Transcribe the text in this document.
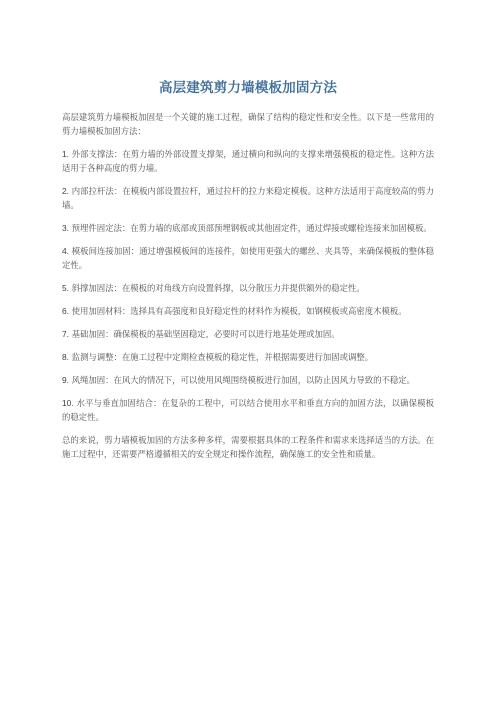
高层建筑剪力墙模板加固方法

高层建筑剪力墙模板加固是一个关键的施工过程，确保了结构的稳定性和安全性。以下是一些常用的剪力墙模板加固方法：

1. 外部支撑法：在剪力墙的外部设置支撑架，通过横向和纵向的支撑来增强模板的稳定性。这种方法适用于各种高度的剪力墙。

2. 内部拉杆法：在模板内部设置拉杆，通过拉杆的拉力来稳定模板。这种方法适用于高度较高的剪力墙。

3. 预埋件固定法：在剪力墙的底部或顶部预埋钢板或其他固定件，通过焊接或螺栓连接来加固模板。

4. 模板间连接加固：通过增强模板间的连接件，如使用更强大的螺丝、夹具等，来确保模板的整体稳定性。

5. 斜撑加固法：在模板的对角线方向设置斜撑，以分散压力并提供额外的稳定性。

6. 使用加固材料：选择具有高强度和良好稳定性的材料作为模板，如钢模板或高密度木模板。

7. 基础加固：确保模板的基础坚固稳定，必要时可以进行地基处理或加固。

8. 监测与调整：在施工过程中定期检查模板的稳定性，并根据需要进行加固或调整。

9. 风绳加固：在风大的情况下，可以使用风绳围绕模板进行加固，以防止因风力导致的不稳定。

10. 水平与垂直加固结合：在复杂的工程中，可以结合使用水平和垂直方向的加固方法，以确保模板的稳定性。

总的来说，剪力墙模板加固的方法多种多样，需要根据具体的工程条件和需求来选择适当的方法。在施工过程中，还需要严格遵循相关的安全规定和操作流程，确保施工的安全性和质量。
